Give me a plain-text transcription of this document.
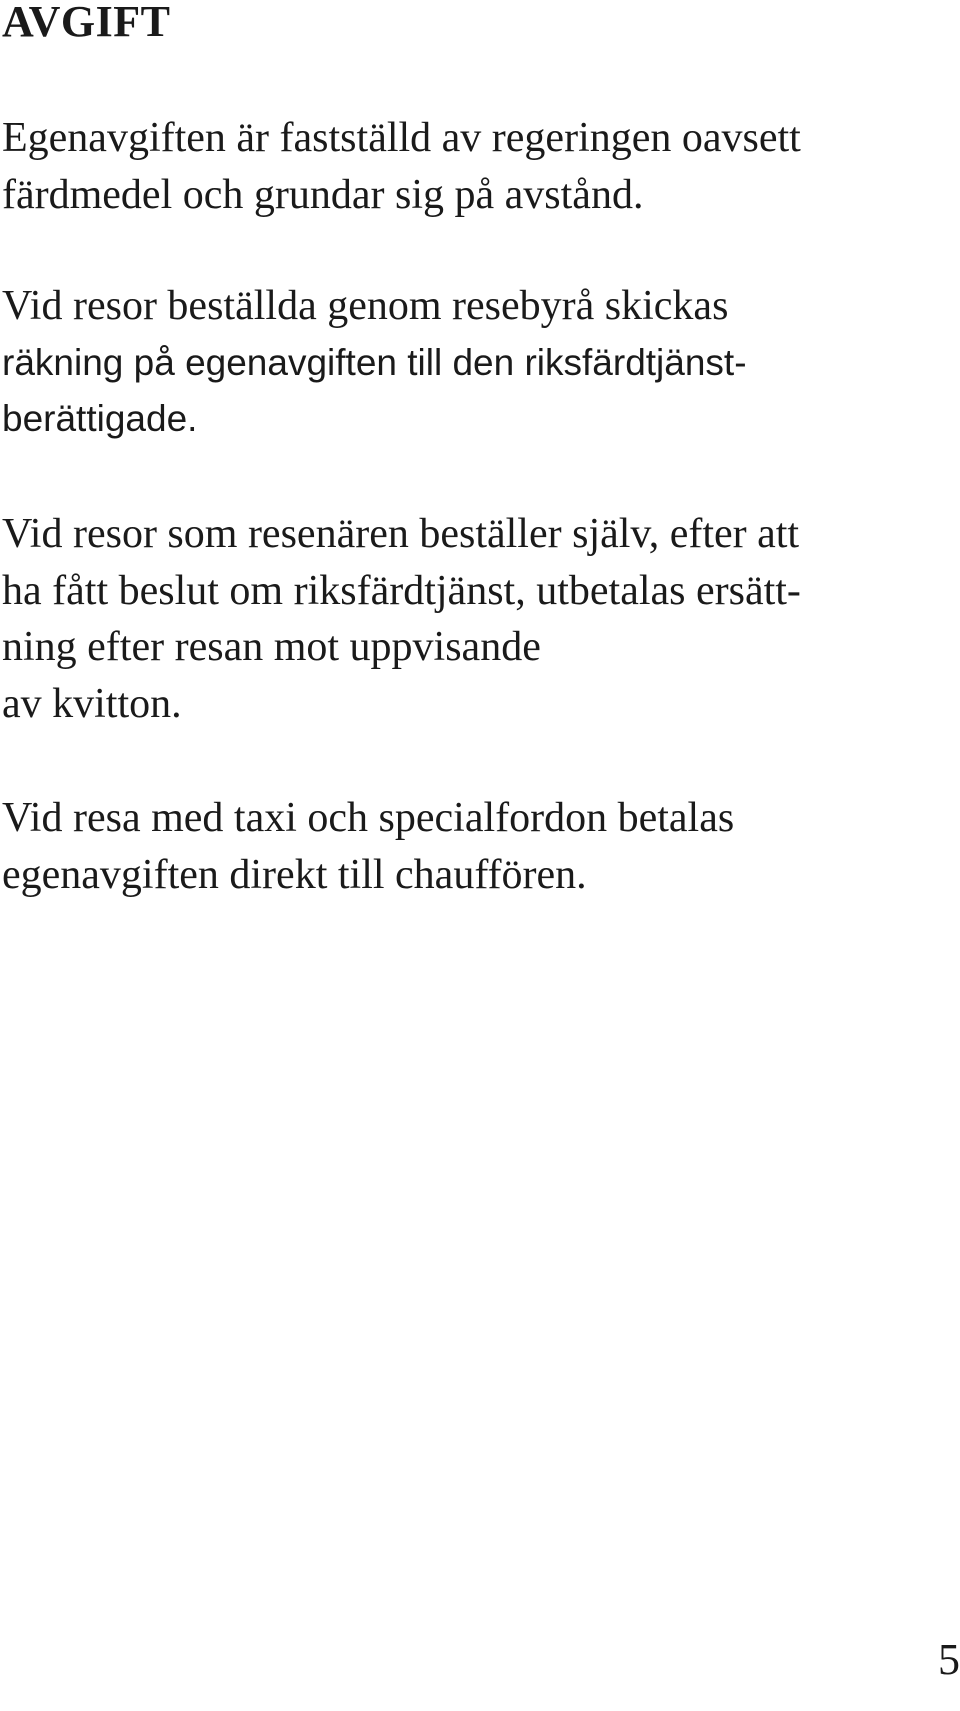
AVGIFT

Egenavgiften är fastställd av regeringen oavsett
färdmedel och grundar sig på avstånd.

Vid resor beställda genom resebyrå skickas
räkning på egenavgiften till den riksfärdtjänst-
berättigade.

Vid resor som resenären beställer själv, efter att
ha fått beslut om riksfärdtjänst, utbetalas ersätt-
ning efter resan mot uppvisande
av kvitton.

Vid resa med taxi och specialfordon betalas
egenavgiften direkt till chauffören.

5
